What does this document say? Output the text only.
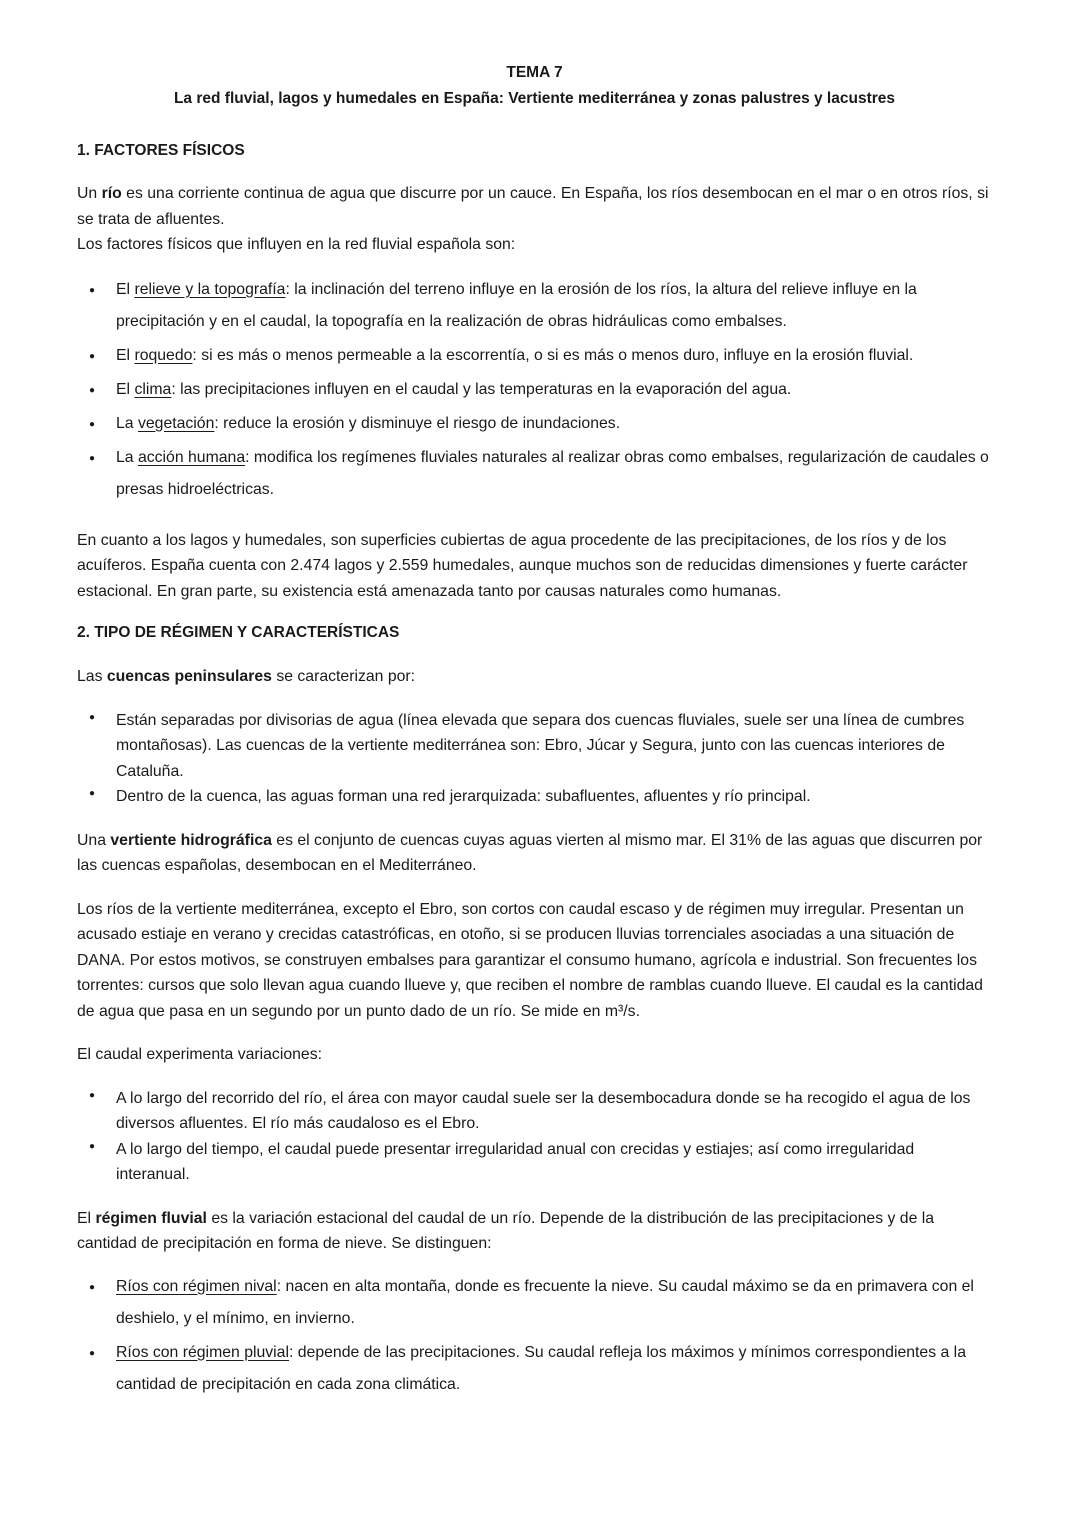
TEMA 7
La red fluvial, lagos y humedales en España: Vertiente mediterránea y zonas palustres y lacustres
1. FACTORES FÍSICOS

Un río es una corriente continua de agua que discurre por un cauce. En España, los ríos desembocan en el mar o en otros ríos, si se trata de afluentes.

Los factores físicos que influyen en la red fluvial española son:

● El relieve y la topografía: la inclinación del terreno influye en la erosión de los ríos, la altura del relieve influye en la precipitación y en el caudal, la topografía en la realización de obras hidráulicas como embalses.
● El roquedo: si es más o menos permeable a la escorrentía, o si es más o menos duro, influye en la erosión fluvial.
● El clima: las precipitaciones influyen en el caudal y las temperaturas en la evaporación del agua.
● La vegetación: reduce la erosión y disminuye el riesgo de inundaciones.
● La acción humana: modifica los regímenes fluviales naturales al realizar obras como embalses, regularización de caudales o presas hidroeléctricas.

En cuanto a los lagos y humedales, son superficies cubiertas de agua procedente de las precipitaciones, de los ríos y de los acuíferos. España cuenta con 2.474 lagos y 2.559 humedales, aunque muchos son de reducidas dimensiones y fuerte carácter estacional. En gran parte, su existencia está amenazada tanto por causas naturales como humanas.

2. TIPO DE RÉGIMEN Y CARACTERÍSTICAS

Las cuencas peninsulares se caracterizan por:

● Están separadas por divisorias de agua (línea elevada que separa dos cuencas fluviales, suele ser una línea de cumbres montañosas). Las cuencas de la vertiente mediterránea son: Ebro, Júcar y Segura, junto con las cuencas interiores de Cataluña.
● Dentro de la cuenca, las aguas forman una red jerarquizada: subafluentes, afluentes y río principal.

Una vertiente hidrográfica es el conjunto de cuencas cuyas aguas vierten al mismo mar. El 31% de las aguas que discurren por las cuencas españolas, desembocan en el Mediterráneo.

Los ríos de la vertiente mediterránea, excepto el Ebro, son cortos con caudal escaso y de régimen muy irregular. Presentan un acusado estiaje en verano y crecidas catastróficas, en otoño, si se producen lluvias torrenciales asociadas a una situación de DANA. Por estos motivos, se construyen embalses para garantizar el consumo humano, agrícola e industrial. Son frecuentes los torrentes: cursos que solo llevan agua cuando llueve y, que reciben el nombre de ramblas cuando llueve. El caudal es la cantidad de agua que pasa en un segundo por un punto dado de un río. Se mide en m³/s.

El caudal experimenta variaciones:

● A lo largo del recorrido del río, el área con mayor caudal suele ser la desembocadura donde se ha recogido el agua de los diversos afluentes. El río más caudaloso es el Ebro.
● A lo largo del tiempo, el caudal puede presentar irregularidad anual con crecidas y estiajes; así como irregularidad interanual.

El régimen fluvial es la variación estacional del caudal de un río. Depende de la distribución de las precipitaciones y de la cantidad de precipitación en forma de nieve. Se distinguen:

● Ríos con régimen nival: nacen en alta montaña, donde es frecuente la nieve. Su caudal máximo se da en primavera con el deshielo, y el mínimo, en invierno.
● Ríos con régimen pluvial: depende de las precipitaciones. Su caudal refleja los máximos y mínimos correspondientes a la cantidad de precipitación en cada zona climática.
